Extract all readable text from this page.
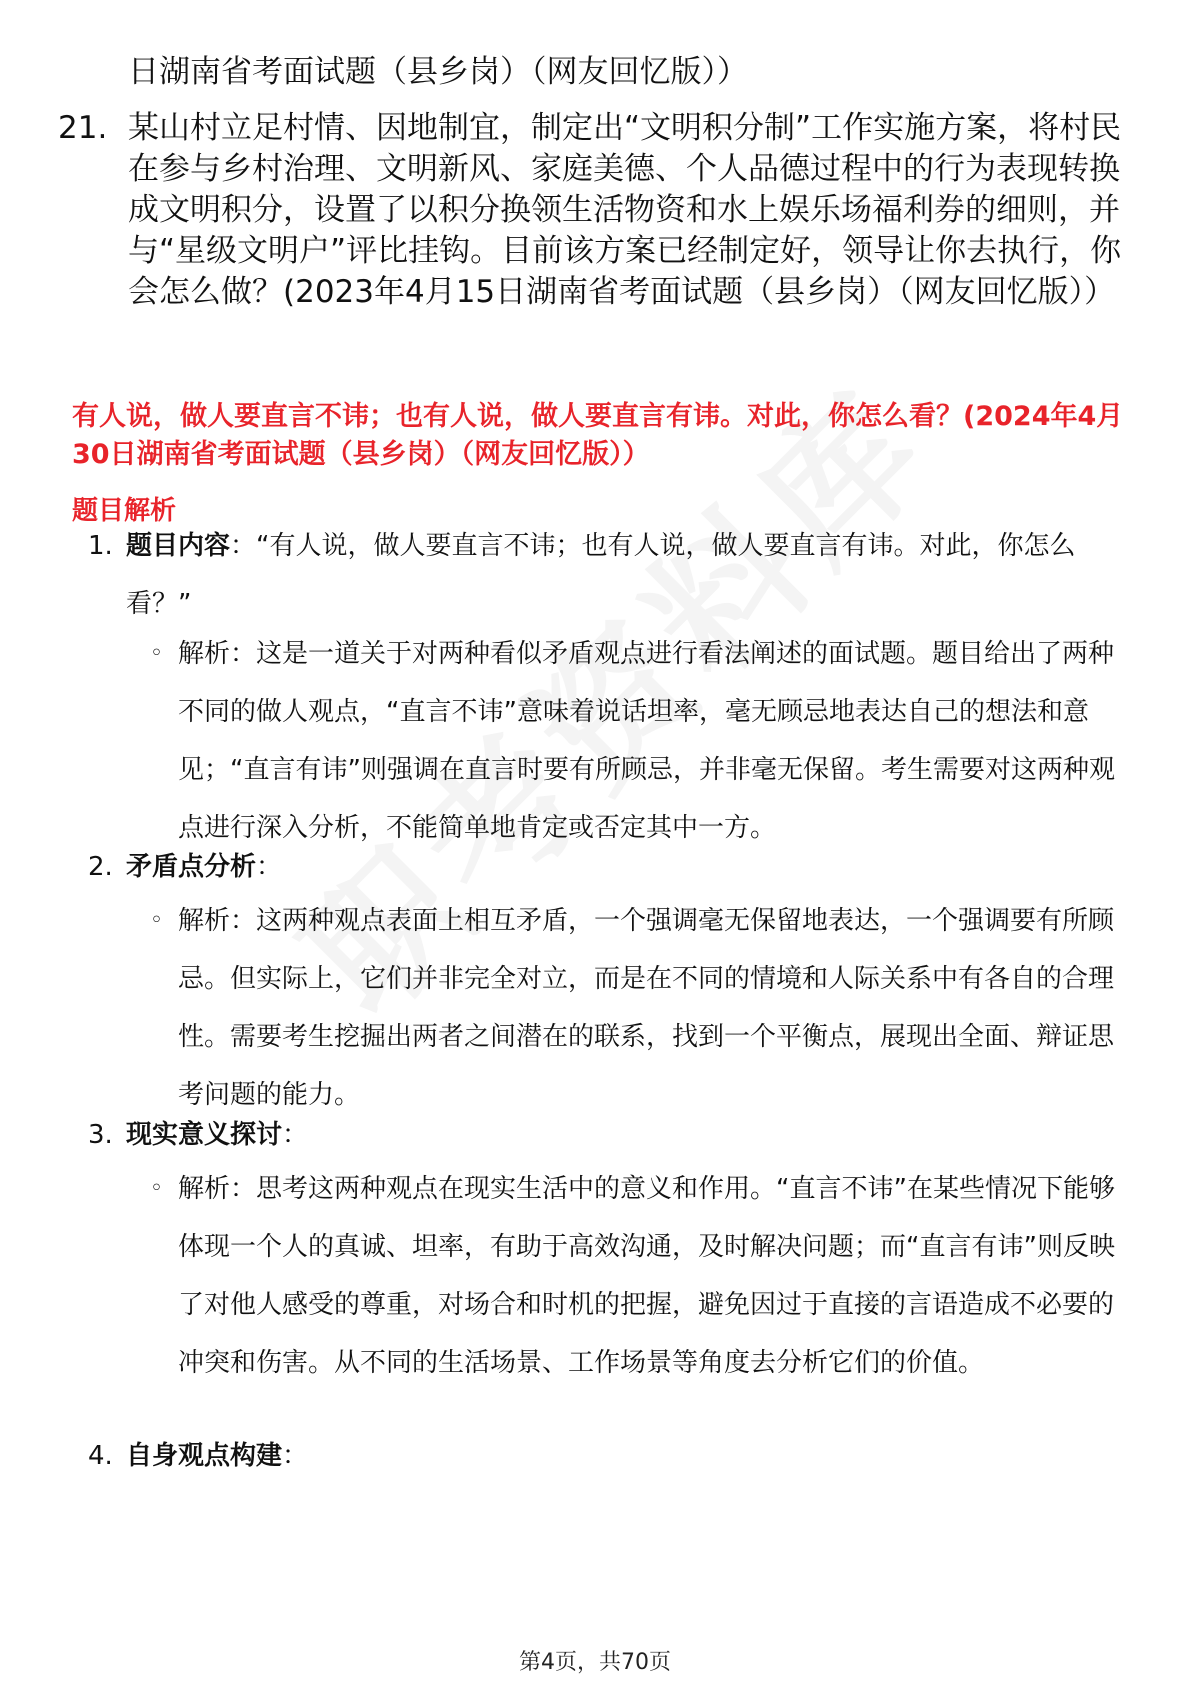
日湖南省考面试题（县乡岗）（网友回忆版））
21. 某山村立足村情、因地制宜，制定出“文明积分制”工作实施方案，将村民在参与乡村治理、文明新风、家庭美德、个人品德过程中的行为表现转换成文明积分，设置了以积分换领生活物资和水上娱乐场福利券的细则，并与“星级文明户”评比挂钩。目前该方案已经制定好，领导让你去执行，你会怎么做？(2023年4月15日湖南省考面试题（县乡岗）（网友回忆版））
有人说，做人要直言不讳；也有人说，做人要直言有讳。对此，你怎么看？(2024年4月30日湖南省考面试题（县乡岗）（网友回忆版））
题目解析
1. 题目内容：“有人说，做人要直言不讳；也有人说，做人要直言有讳。对此，你怎么看？”
◦ 解析：这是一道关于对两种看似矛盾观点进行看法阐述的面试题。题目给出了两种不同的做人观点，“直言不讳”意味着说话坦率，毫无顾忌地表达自己的想法和意见；“直言有讳”则强调在直言时要有所顾忌，并非毫无保留。考生需要对这两种观点进行深入分析，不能简单地肯定或否定其中一方。
2. 矛盾点分析：
◦ 解析：这两种观点表面上相互矛盾，一个强调毫无保留地表达，一个强调要有所顾忌。但实际上，它们并非完全对立，而是在不同的情境和人际关系中有各自的合理性。需要考生挖掘出两者之间潜在的联系，找到一个平衡点，展现出全面、辩证思考问题的能力。
3. 现实意义探讨：
◦ 解析：思考这两种观点在现实生活中的意义和作用。“直言不讳”在某些情况下能够体现一个人的真诚、坦率，有助于高效沟通，及时解决问题；而“直言有讳”则反映了对他人感受的尊重，对场合和时机的把握，避免因过于直接的言语造成不必要的冲突和伤害。从不同的生活场景、工作场景等角度去分析它们的价值。
4. 自身观点构建：
第4页，共70页
